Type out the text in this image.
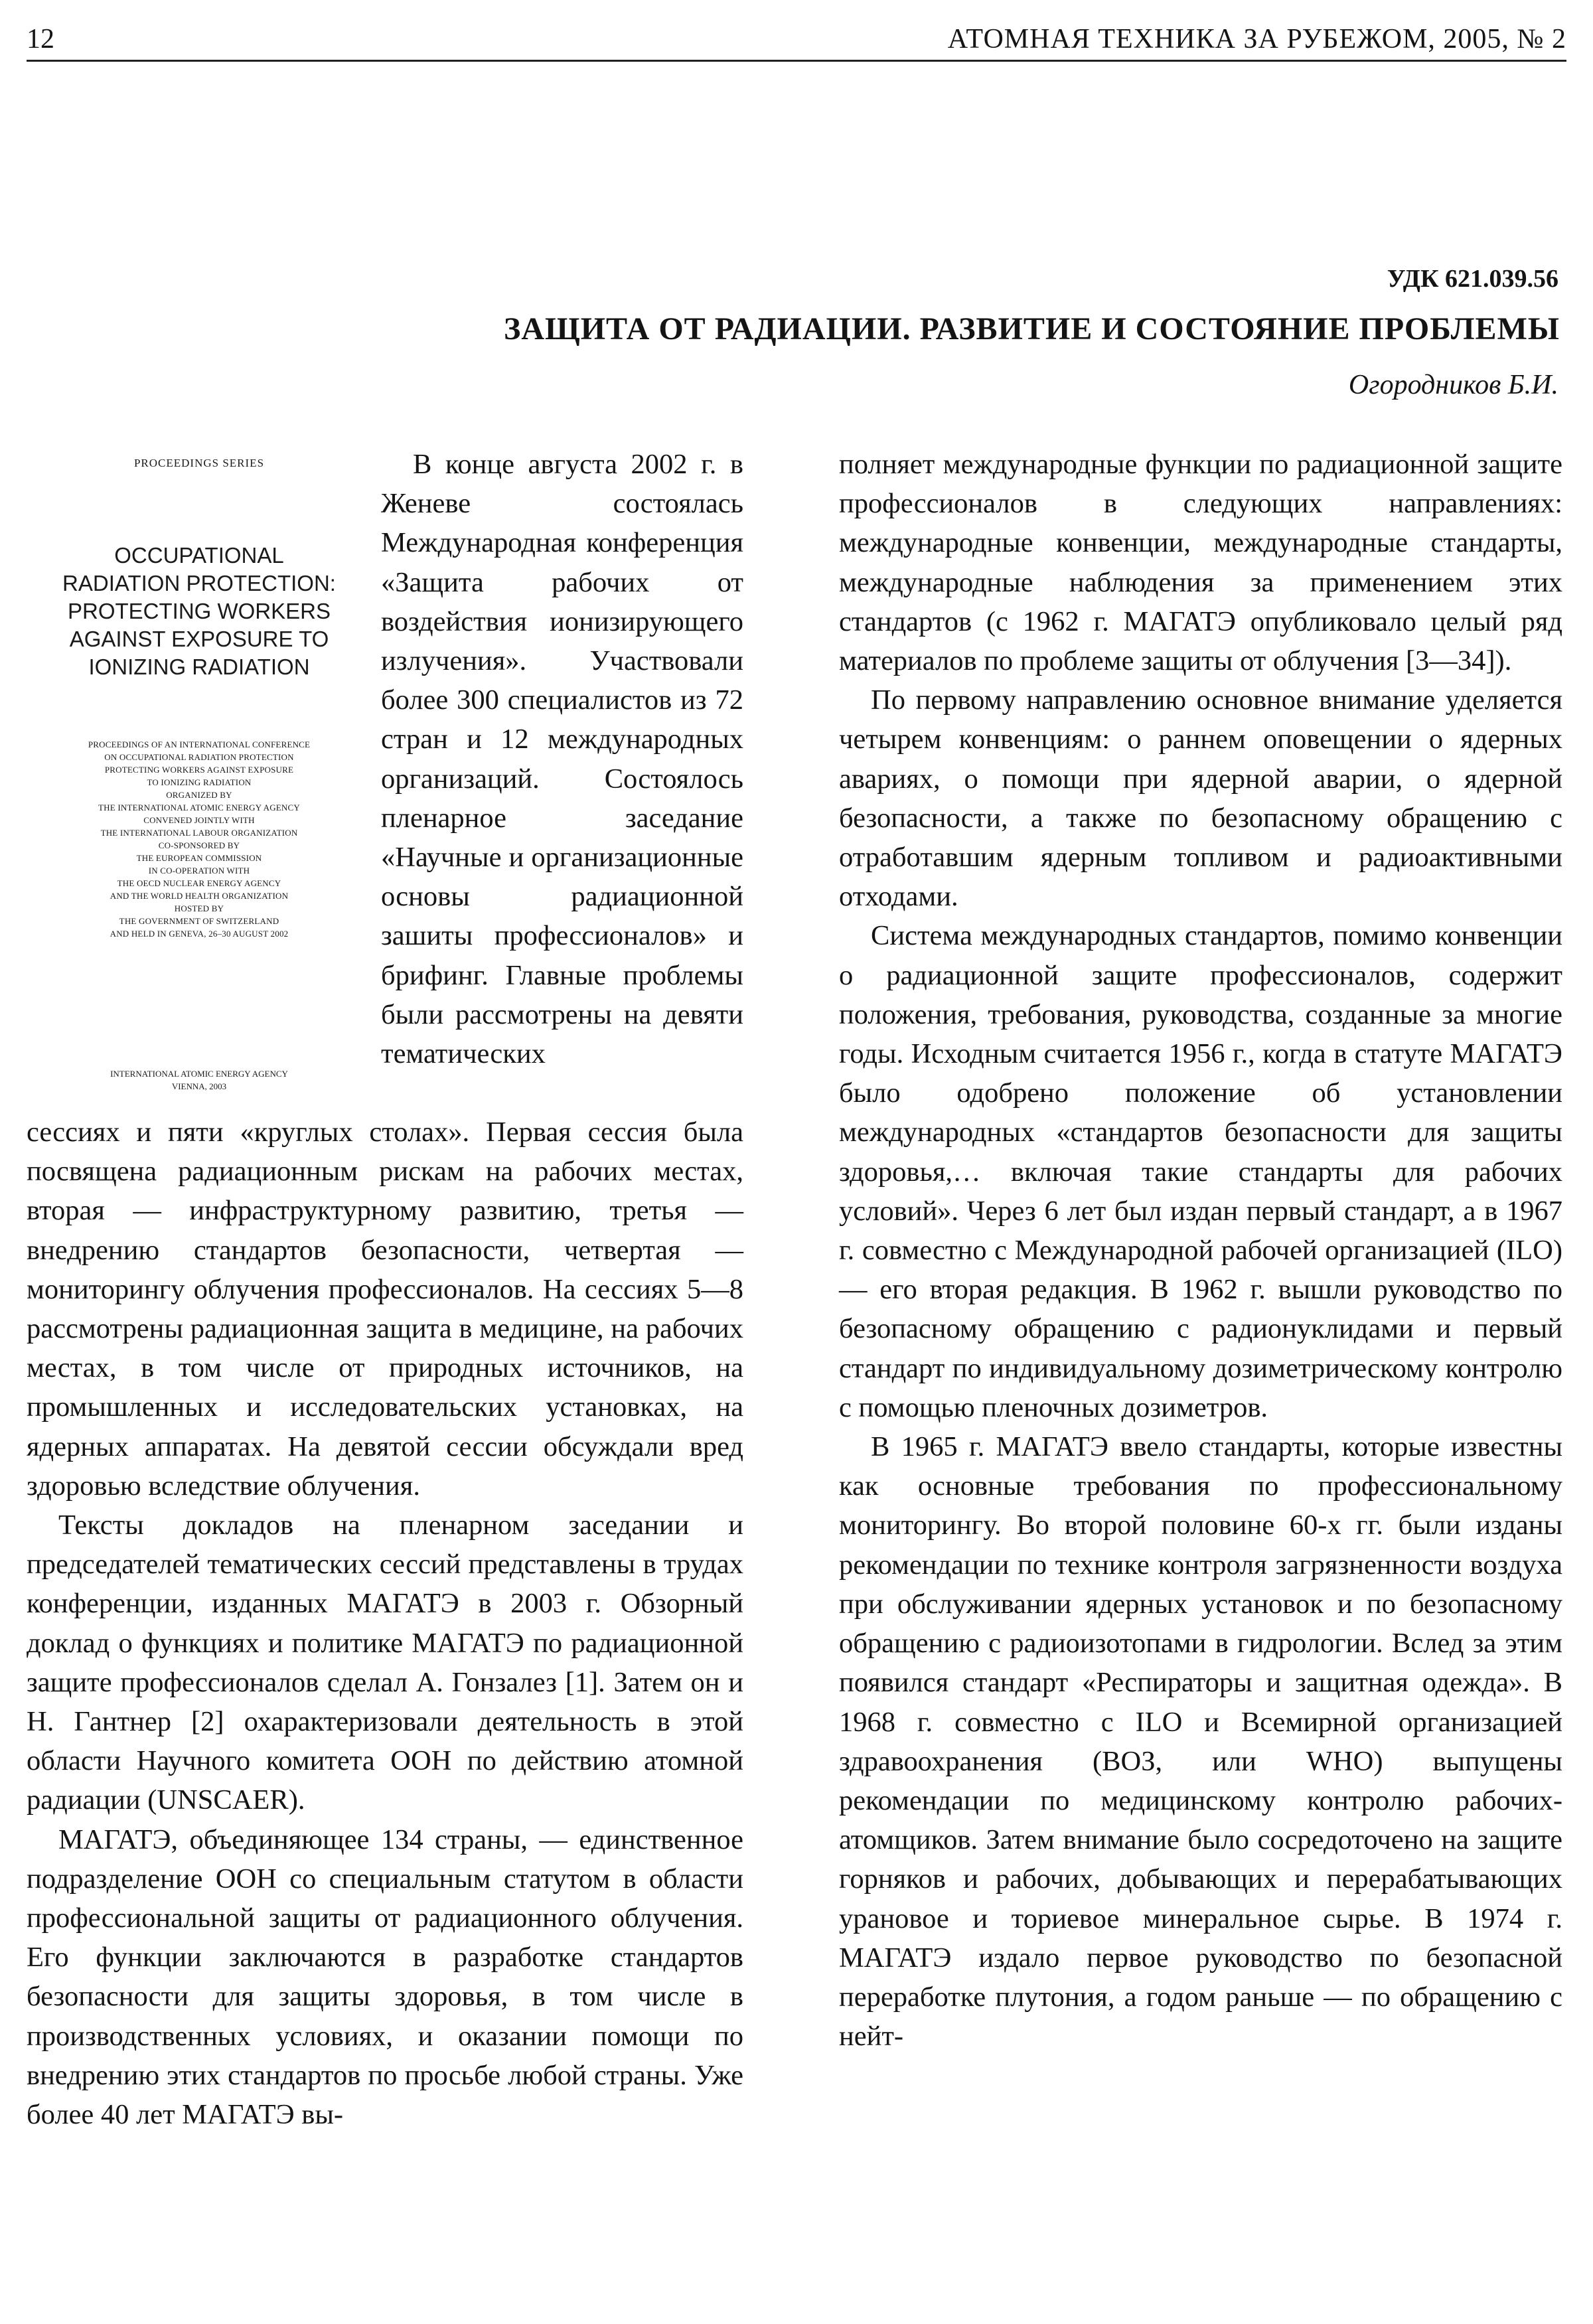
12	АТОМНАЯ ТЕХНИКА ЗА РУБЕЖОМ, 2005, № 2
УДК 621.039.56
ЗАЩИТА ОТ РАДИАЦИИ. РАЗВИТИЕ И СОСТОЯНИЕ ПРОБЛЕМЫ
Огородников Б.И.
PROCEEDINGS SERIES
OCCUPATIONAL
RADIATION PROTECTION:
PROTECTING WORKERS
AGAINST EXPOSURE TO
IONIZING RADIATION
PROCEEDINGS OF AN INTERNATIONAL CONFERENCE
ON OCCUPATIONAL RADIATION PROTECTION
PROTECTING WORKERS AGAINST EXPOSURE
TO IONIZING RADIATION
ORGANIZED BY
THE INTERNATIONAL ATOMIC ENERGY AGENCY
CONVENED JOINTLY WITH
THE INTERNATIONAL LABOUR ORGANIZATION
CO-SPONSORED BY
THE EUROPEAN COMMISSION
IN CO-OPERATION WITH
THE OECD NUCLEAR ENERGY AGENCY
AND THE WORLD HEALTH ORGANIZATION
HOSTED BY
THE GOVERNMENT OF SWITZERLAND
AND HELD IN GENEVA, 26–30 AUGUST 2002
INTERNATIONAL ATOMIC ENERGY AGENCY
VIENNA, 2003

В конце августа 2002 г. в Женеве состоялась Международная конференция «Защита рабочих от воздействия ионизирующего излучения». Участвовали более 300 специалистов из 72 стран и 12 международных организаций. Состоялось пленарное заседание «Научные и организационные основы радиационной зашиты профессионалов» и брифинг. Главные проблемы были рассмотрены на девяти тематических

сессиях и пяти «круглых столах». Первая сессия была посвящена радиационным рискам на рабочих местах, вторая — инфраструктурному развитию, третья — внедрению стандартов безопасности, четвертая — мониторингу облучения профессионалов. На сессиях 5—8 рассмотрены радиационная защита в медицине, на рабочих местах, в том числе от природных источников, на промышленных и исследовательских установках, на ядерных аппаратах. На девятой сессии обсуждали вред здоровью вследствие облучения.

Тексты докладов на пленарном заседании и председателей тематических сессий представлены в трудах конференции, изданных МАГАТЭ в 2003 г. Обзорный доклад о функциях и политике МАГАТЭ по радиационной защите профессионалов сделал А. Гонзалез [1]. Затем он и Н. Гантнер [2] охарактеризовали деятельность в этой области Научного комитета ООН по действию атомной радиации (UNSCAER).

МАГАТЭ, объединяющее 134 страны, — единственное подразделение ООН со специальным статутом в области профессиональной защиты от радиационного облучения. Его функции заключаются в разработке стандартов безопасности для защиты здоровья, в том числе в производственных условиях, и оказании помощи по внедрению этих стандартов по просьбе любой страны. Уже более 40 лет МАГАТЭ вы-

полняет международные функции по радиационной защите профессионалов в следующих направлениях: международные конвенции, международные стандарты, международные наблюдения за применением этих стандартов (с 1962 г. МАГАТЭ опубликовало целый ряд материалов по проблеме защиты от облучения [3—34]).

По первому направлению основное внимание уделяется четырем конвенциям: о раннем оповещении о ядерных авариях, о помощи при ядерной аварии, о ядерной безопасности, а также по безопасному обращению с отработавшим ядерным топливом и радиоактивными отходами.

Система международных стандартов, помимо конвенции о радиационной защите профессионалов, содержит положения, требования, руководства, созданные за многие годы. Исходным считается 1956 г., когда в статуте МАГАТЭ было одобрено положение об установлении международных «стандартов безопасности для защиты здоровья,… включая такие стандарты для рабочих условий». Через 6 лет был издан первый стандарт, а в 1967 г. совместно с Международной рабочей организацией (ILO) — его вторая редакция. В 1962 г. вышли руководство по безопасному обращению с радионуклидами и первый стандарт по индивидуальному дозиметрическому контролю с помощью пленочных дозиметров.

В 1965 г. МАГАТЭ ввело стандарты, которые известны как основные требования по профессиональному мониторингу. Во второй половине 60-х гг. были изданы рекомендации по технике контроля загрязненности воздуха при обслуживании ядерных установок и по безопасному обращению с радиоизотопами в гидрологии. Вслед за этим появился стандарт «Респираторы и защитная одежда». В 1968 г. совместно с ILO и Всемирной организацией здравоохранения (ВОЗ, или WHO) выпущены рекомендации по медицинскому контролю рабочих-атомщиков. Затем внимание было сосредоточено на защите горняков и рабочих, добывающих и перерабатывающих урановое и ториевое минеральное сырье. В 1974 г. МАГАТЭ издало первое руководство по безопасной переработке плутония, а годом раньше — по обращению с нейт-
